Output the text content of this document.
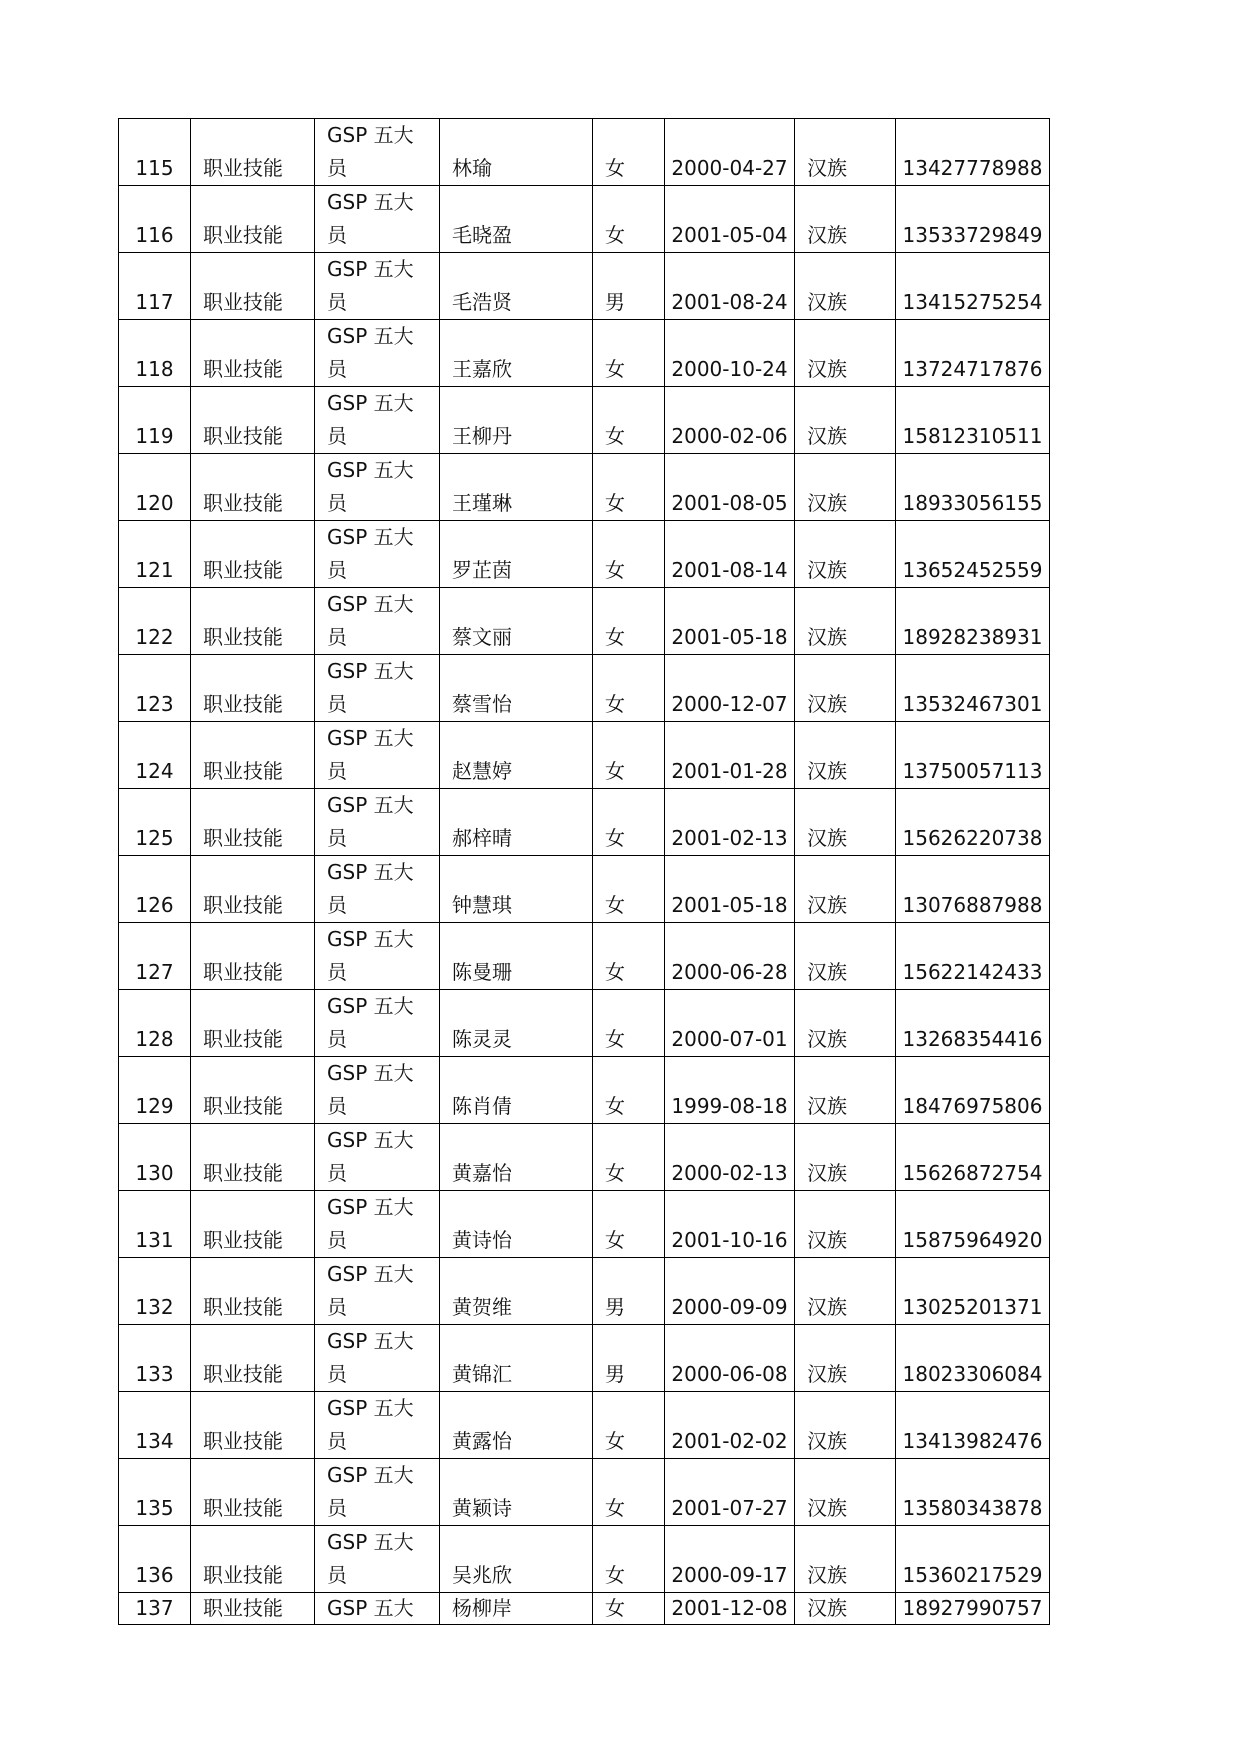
115	职业技能	GSP 五大员	林瑜	女	2000-04-27	汉族	13427778988
116	职业技能	GSP 五大员	毛晓盈	女	2001-05-04	汉族	13533729849
117	职业技能	GSP 五大员	毛浩贤	男	2001-08-24	汉族	13415275254
118	职业技能	GSP 五大员	王嘉欣	女	2000-10-24	汉族	13724717876
119	职业技能	GSP 五大员	王柳丹	女	2000-02-06	汉族	15812310511
120	职业技能	GSP 五大员	王瑾琳	女	2001-08-05	汉族	18933056155
121	职业技能	GSP 五大员	罗芷茵	女	2001-08-14	汉族	13652452559
122	职业技能	GSP 五大员	蔡文丽	女	2001-05-18	汉族	18928238931
123	职业技能	GSP 五大员	蔡雪怡	女	2000-12-07	汉族	13532467301
124	职业技能	GSP 五大员	赵慧婷	女	2001-01-28	汉族	13750057113
125	职业技能	GSP 五大员	郝梓晴	女	2001-02-13	汉族	15626220738
126	职业技能	GSP 五大员	钟慧琪	女	2001-05-18	汉族	13076887988
127	职业技能	GSP 五大员	陈曼珊	女	2000-06-28	汉族	15622142433
128	职业技能	GSP 五大员	陈灵灵	女	2000-07-01	汉族	13268354416
129	职业技能	GSP 五大员	陈肖倩	女	1999-08-18	汉族	18476975806
130	职业技能	GSP 五大员	黄嘉怡	女	2000-02-13	汉族	15626872754
131	职业技能	GSP 五大员	黄诗怡	女	2001-10-16	汉族	15875964920
132	职业技能	GSP 五大员	黄贺维	男	2000-09-09	汉族	13025201371
133	职业技能	GSP 五大员	黄锦汇	男	2000-06-08	汉族	18023306084
134	职业技能	GSP 五大员	黄露怡	女	2001-02-02	汉族	13413982476
135	职业技能	GSP 五大员	黄颖诗	女	2001-07-27	汉族	13580343878
136	职业技能	GSP 五大员	吴兆欣	女	2000-09-17	汉族	15360217529
137	职业技能	GSP 五大	杨柳岸	女	2001-12-08	汉族	18927990757
